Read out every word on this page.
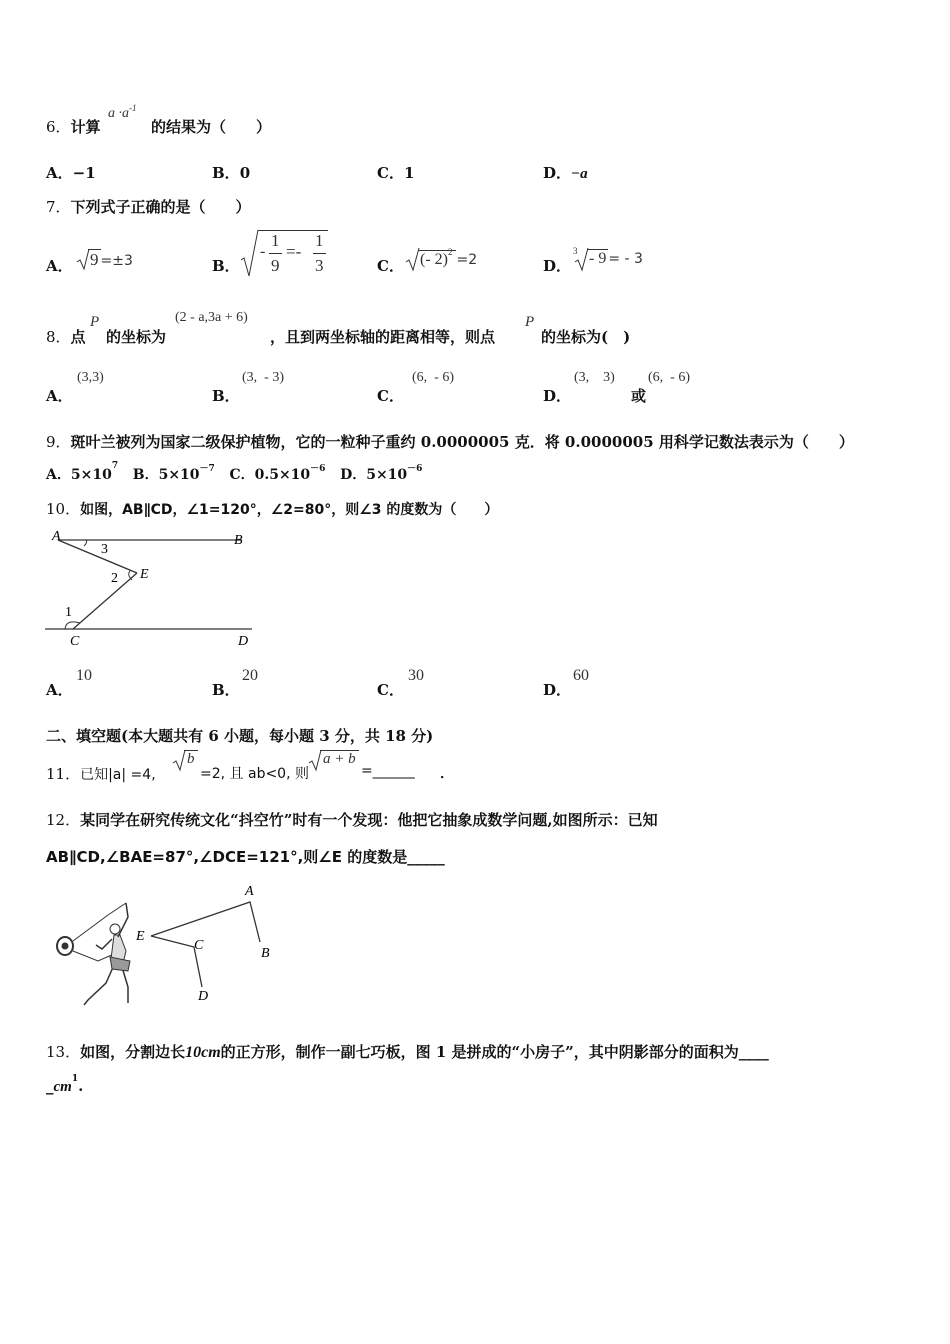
6．计算
$a \cdot a^{-1}$
的结果为（　　）
A．−1	B．0	C．1	D．−a
7．下列式子正确的是（　　）
A．	9 =±3	B．
-
1
9
=-
1
3	C．	(- 2)$^2$ =2	D．
3 - 9 = - 3
8．点
P
的坐标为
(2 - a,3a + 6)
，且到两坐标轴的距离相等，则点
P
的坐标为(　)
A．
(3,3)
B．
(3,  - 3)
C．
(6,  - 6)
D．
(3,    3)
或
(6,  - 6)
9．斑叶兰被列为国家二级保护植物，它的一粒种子重约 0.0000005 克．将 0.0000005 用科学记数法表示为（　　）
A．$5\times 10^7$   B．$5\times 10^{-7}$ C．$0.5\times 10^{-6}$ D．$5\times 10^{-6}$
10．如图，AB∥CD，∠1=120°，∠2=80°，则∠3 的度数为（　　）
A	B
C	D
E
1
2
3
A．
10
B．
20
C．
30
D．
60
二、填空题(本大题共有 6 小题，每小题 3 分，共 18 分)
11．已知|a| =4,
b
=2, 且 ab<0, 则
a + b
=______ ．
12．某同学在研究传统文化“抖空竹”时有一个发现：他把它抽象成数学问题,如图所示：已知
AB∥CD,∠BAE=87°,∠DCE=121°,则∠E 的度数是_____
A
B
C
D
E
13．如图，分割边长10cm的正方形，制作一副七巧板，图 1 是拼成的“小房子”，其中阴影部分的面积为____
$\_cm^1$.
